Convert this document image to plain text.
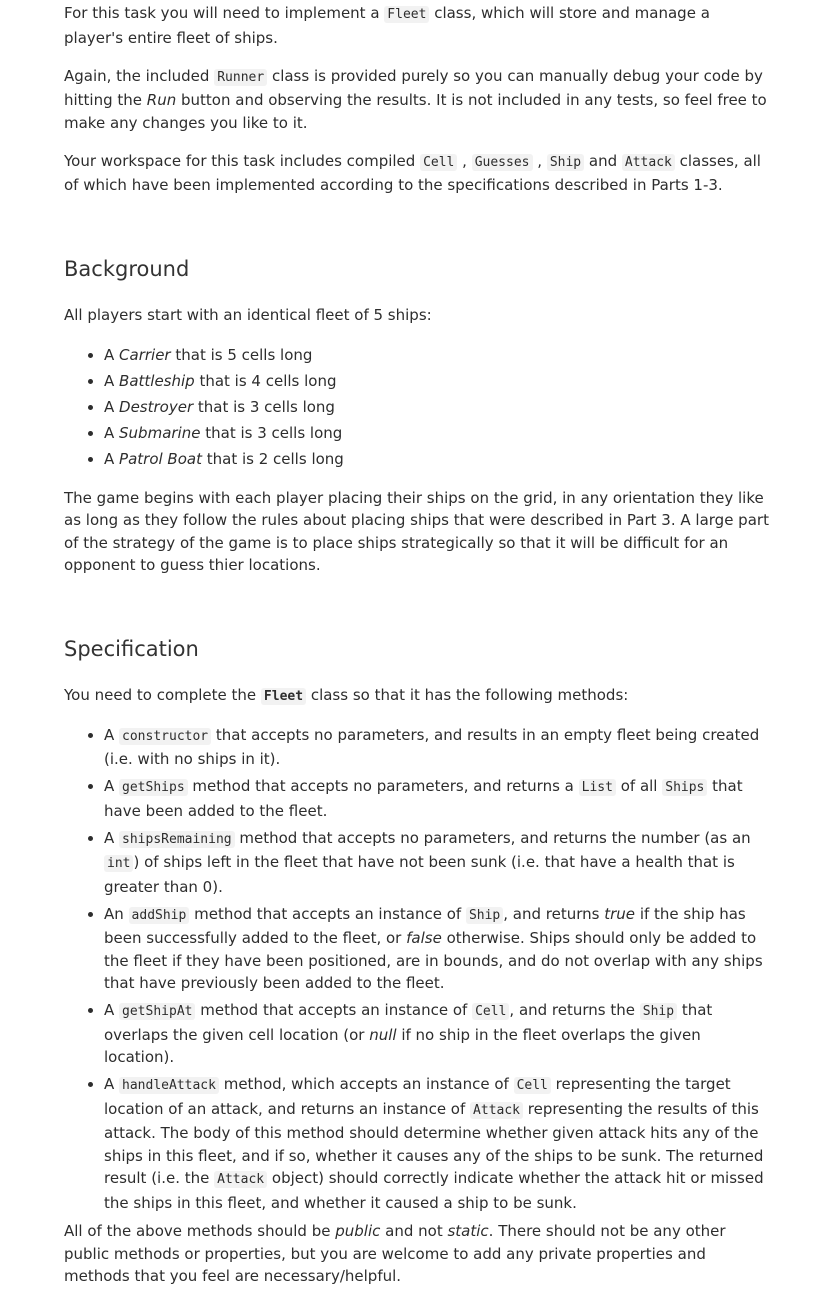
For this task you will need to implement a Fleet class, which will store and manage a player's entire fleet of ships.

Again, the included Runner class is provided purely so you can manually debug your code by hitting the Run button and observing the results. It is not included in any tests, so feel free to make any changes you like to it.

Your workspace for this task includes compiled Cell , Guesses , Ship and Attack classes, all of which have been implemented according to the specifications described in Parts 1-3.

Background

All players start with an identical fleet of 5 ships:

• A Carrier that is 5 cells long
• A Battleship that is 4 cells long
• A Destroyer that is 3 cells long
• A Submarine that is 3 cells long
• A Patrol Boat that is 2 cells long

The game begins with each player placing their ships on the grid, in any orientation they like as long as they follow the rules about placing ships that were described in Part 3. A large part of the strategy of the game is to place ships strategically so that it will be difficult for an opponent to guess thier locations.

Specification

You need to complete the Fleet class so that it has the following methods:

• A constructor that accepts no parameters, and results in an empty fleet being created (i.e. with no ships in it).
• A getShips method that accepts no parameters, and returns a List of all Ships that have been added to the fleet.
• A shipsRemaining method that accepts no parameters, and returns the number (as an int ) of ships left in the fleet that have not been sunk (i.e. that have a health that is greater than 0).
• An addShip method that accepts an instance of Ship , and returns true if the ship has been successfully added to the fleet, or false otherwise. Ships should only be added to the fleet if they have been positioned, are in bounds, and do not overlap with any ships that have previously been added to the fleet.
• A getShipAt method that accepts an instance of Cell , and returns the Ship that overlaps the given cell location (or null if no ship in the fleet overlaps the given location).
• A handleAttack method, which accepts an instance of Cell representing the target location of an attack, and returns an instance of Attack representing the results of this attack. The body of this method should determine whether given attack hits any of the ships in this fleet, and if so, whether it causes any of the ships to be sunk. The returned result (i.e. the Attack object) should correctly indicate whether the attack hit or missed the ships in this fleet, and whether it caused a ship to be sunk.

All of the above methods should be public and not static. There should not be any other public methods or properties, but you are welcome to add any private properties and methods that you feel are necessary/helpful.
